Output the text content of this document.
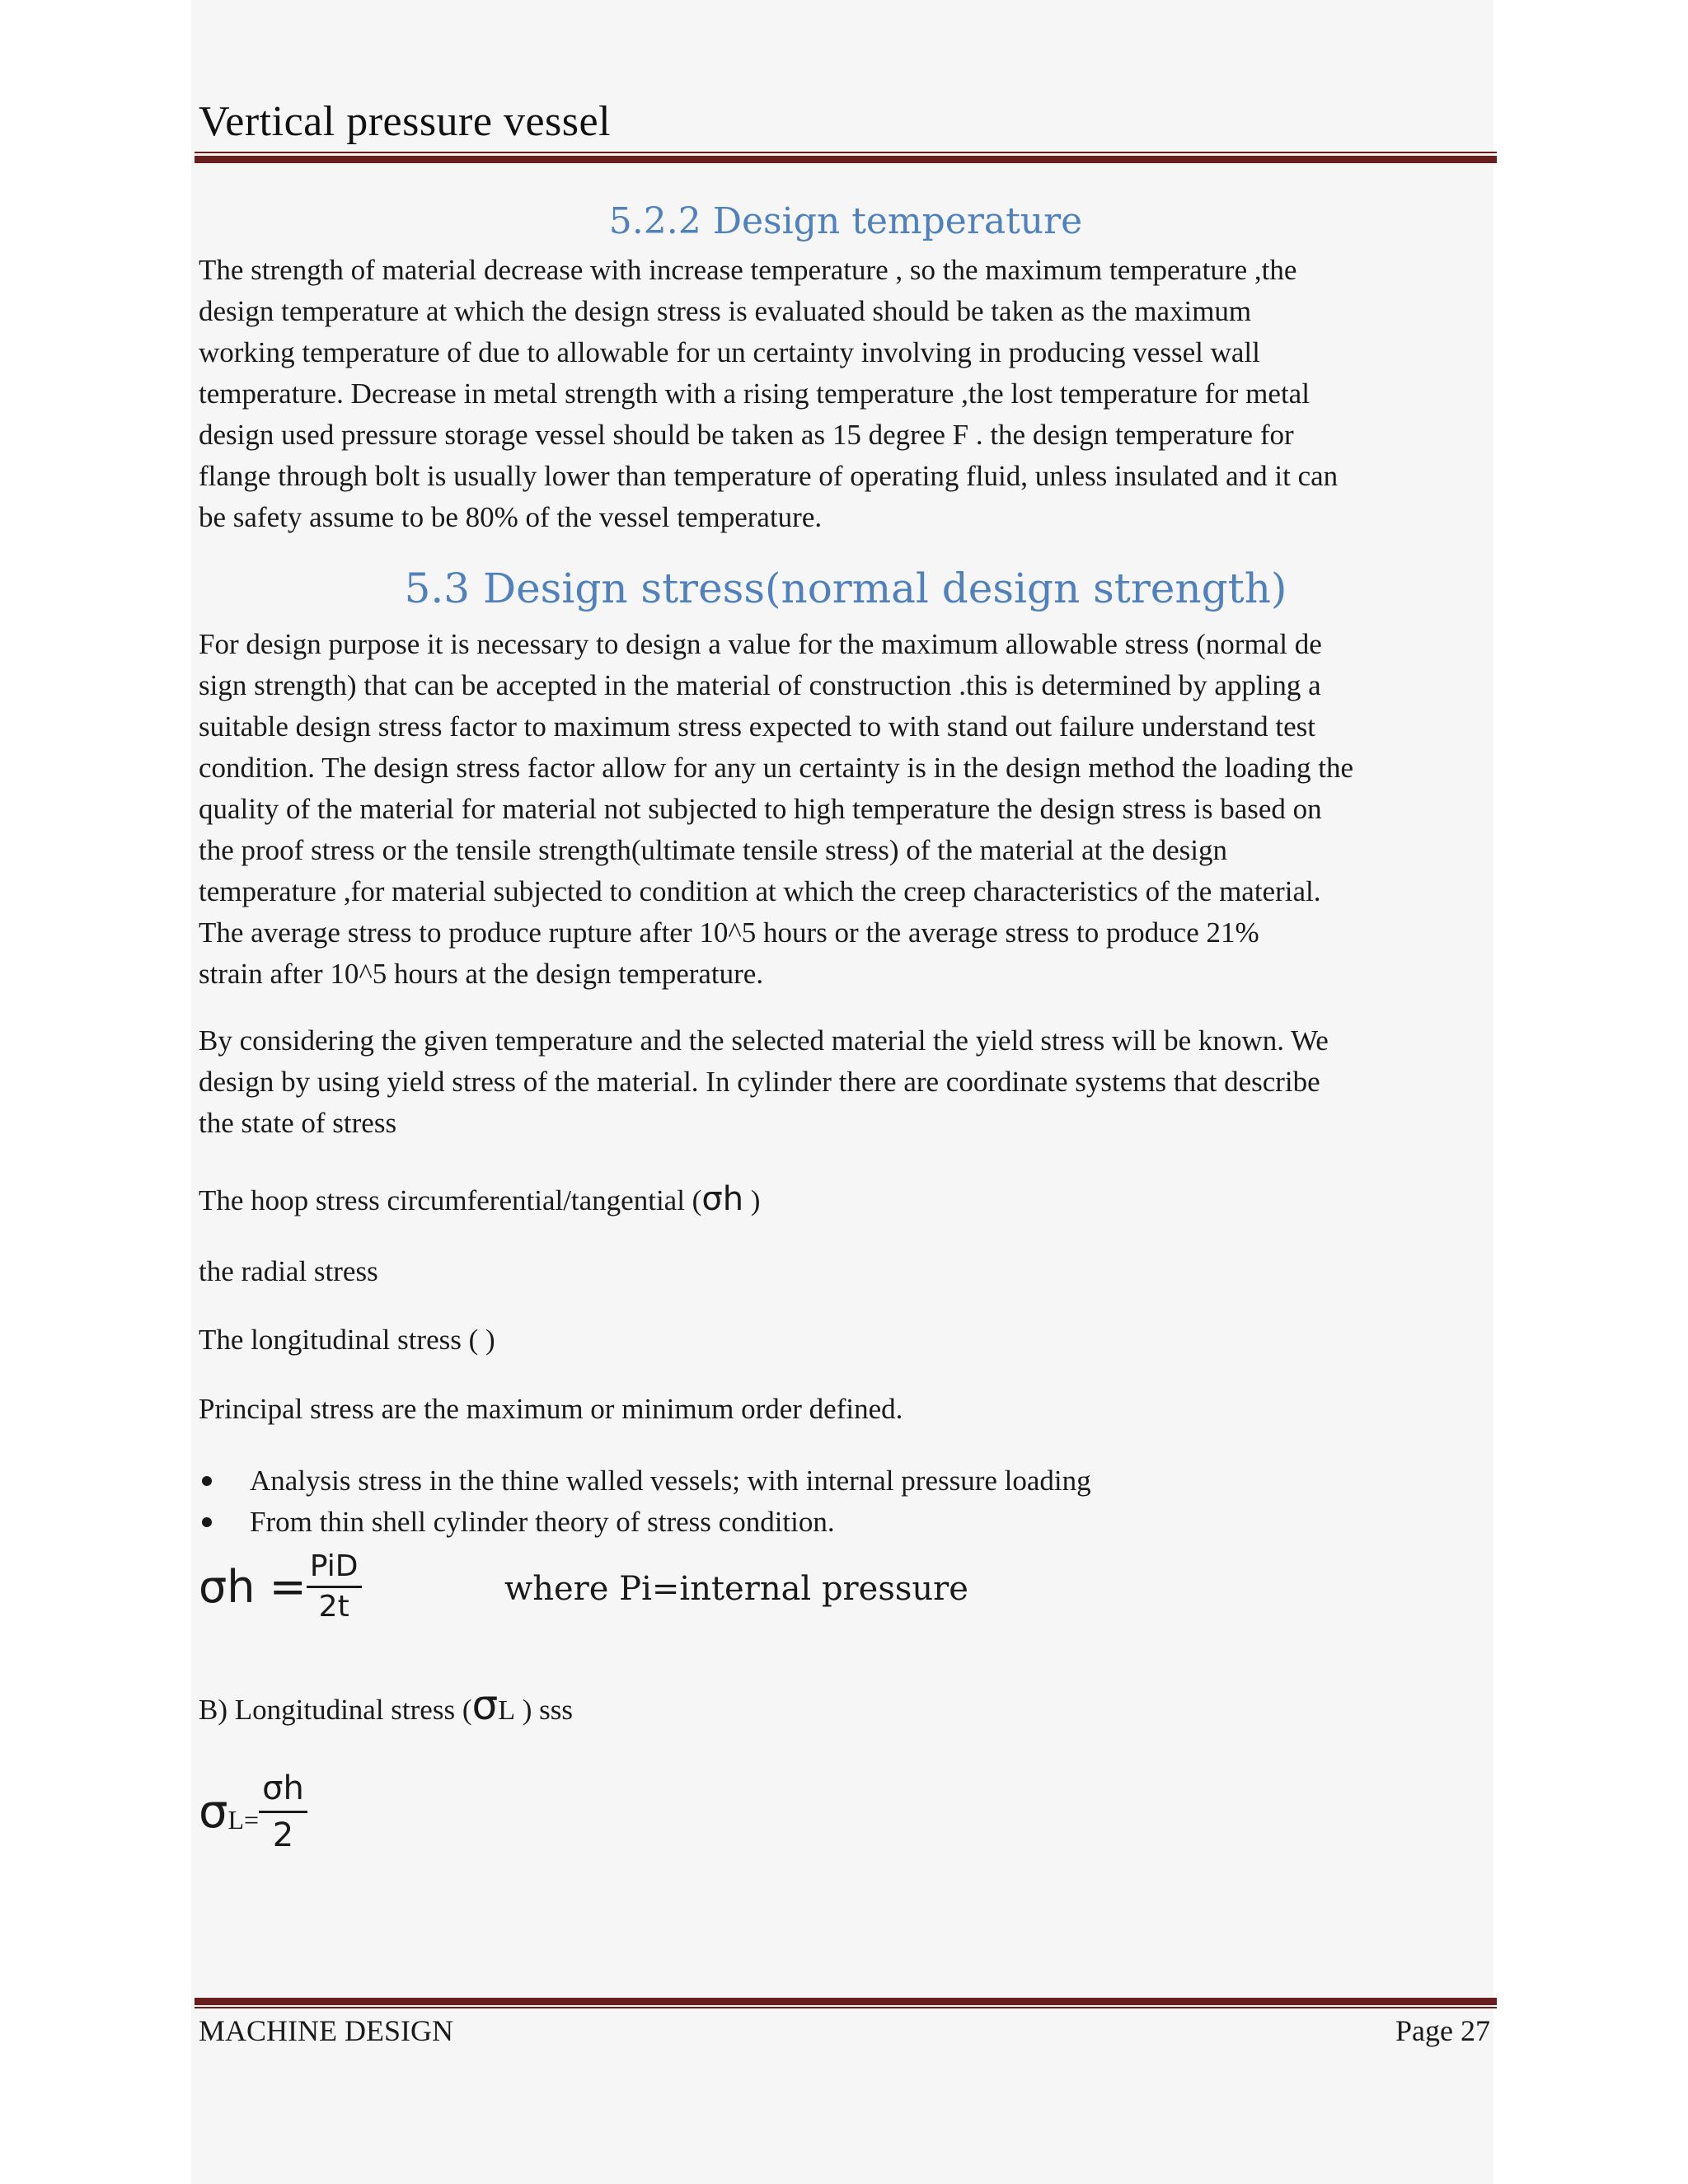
Vertical pressure vessel
5.2.2 Design temperature
The strength of material decrease with increase temperature , so the maximum temperature ,the
design temperature at which the design stress is evaluated should be taken as the maximum
working temperature of due to allowable for un certainty involving in producing vessel wall
temperature. Decrease in metal strength with a rising temperature ,the lost temperature for metal
design used pressure storage vessel should be taken as 15 degree F . the design temperature for
flange through bolt is usually lower than temperature of operating fluid, unless insulated and it can
be safety assume to be 80% of the vessel temperature.
5.3 Design stress(normal design strength)
For design purpose it is necessary to design a value for the maximum allowable stress (normal de
sign strength) that can be accepted in the material of construction .this is determined by appling a
suitable design stress factor to maximum stress expected to with stand out failure understand test
condition. The design stress factor allow for any un certainty is in the design method the loading the
quality of the material for material not subjected to high temperature the design stress is based on
the proof stress or the tensile strength(ultimate tensile stress) of the material at the design
temperature ,for material subjected to condition at which the creep characteristics of the material.
The average stress to produce rupture after 10^5 hours or the average stress to produce 21%
strain after 10^5 hours at the design temperature.
By considering the given temperature and the selected material the yield stress will be known. We
design by using yield stress of the material. In cylinder there are coordinate systems that describe
the state of stress
The hoop stress circumferential/tangential (σh )
the radial stress
The longitudinal stress ( )
Principal stress are the maximum or minimum order defined.
Analysis stress in the thine walled vessels; with internal pressure loading
From thin shell cylinder theory of stress condition.
$\sigma h = \frac{\text{PiD}}{2t}$	where Pi=internal pressure
B) Longitudinal stress (σL ) sss
σ $L= \frac{\sigma h}{2}$
MACHINE DESIGN	Page 27
